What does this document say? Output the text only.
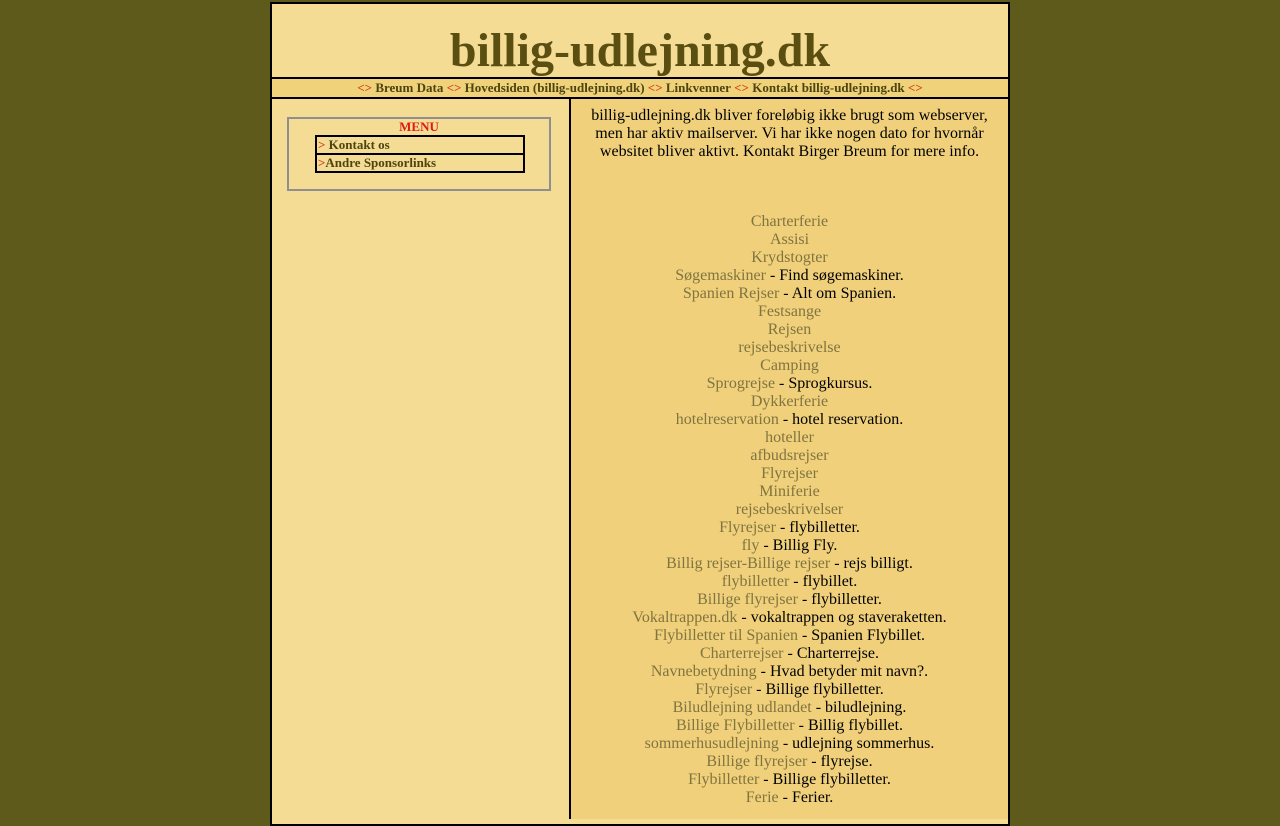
billig-udlejning.dk
<> Breum Data <> Hovedsiden (billig-udlejning.dk) <> Linkvenner <> Kontakt billig-udlejning.dk <>
MENU
> Kontakt os
>Andre Sponsorlinks

billig-udlejning.dk bliver foreløbig ikke brugt som webserver, men har aktiv mailserver. Vi har ikke nogen dato for hvornår websitet bliver aktivt. Kontakt Birger Breum for mere info.

Charterferie
Assisi
Krydstogter
Søgemaskiner - Find søgemaskiner.
Spanien Rejser - Alt om Spanien.
Festsange
Rejsen
rejsebeskrivelse
Camping
Sprogrejse - Sprogkursus.
Dykkerferie
hotelreservation - hotel reservation.
hoteller
afbudsrejser
Flyrejser
Miniferie
rejsebeskrivelser
Flyrejser - flybilletter.
fly - Billig Fly.
Billig rejser-Billige rejser - rejs billigt.
flybilletter - flybillet.
Billige flyrejser - flybilletter.
Vokaltrappen.dk - vokaltrappen og staveraketten.
Flybilletter til Spanien - Spanien Flybillet.
Charterrejser - Charterrejse.
Navnebetydning - Hvad betyder mit navn?.
Flyrejser - Billige flybilletter.
Biludlejning udlandet - biludlejning.
Billige Flybilletter - Billig flybillet.
sommerhusudlejning - udlejning sommerhus.
Billige flyrejser - flyrejse.
Flybilletter - Billige flybilletter.
Ferie - Ferier.
